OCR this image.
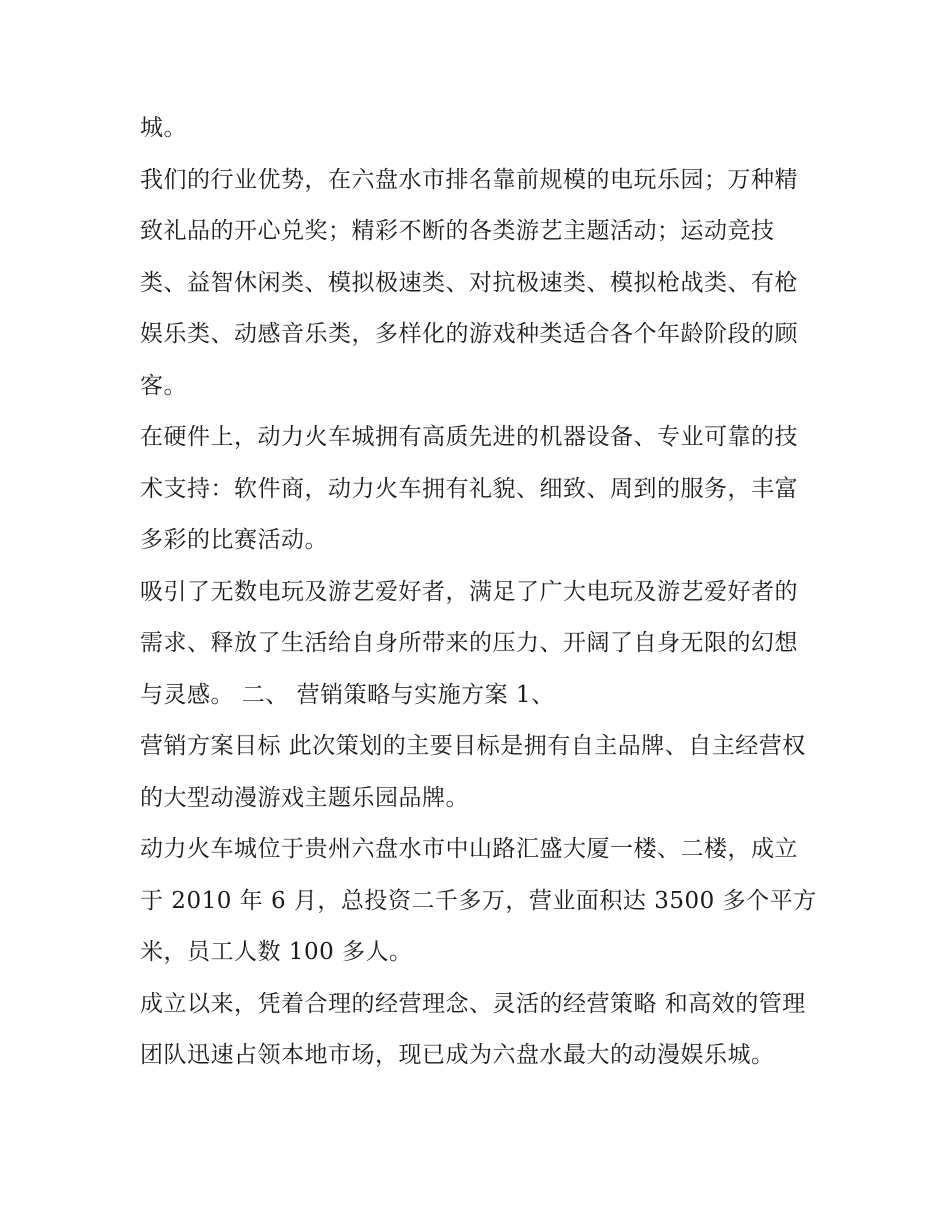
城。

我们的行业优势，在六盘水市排名靠前规模的电玩乐园；万种精致礼品的开心兑奖；精彩不断的各类游艺主题活动；运动竞技类、益智休闲类、模拟极速类、对抗极速类、模拟枪战类、有枪娱乐类、动感音乐类，多样化的游戏种类适合各个年龄阶段的顾客。

在硬件上，动力火车城拥有高质先进的机器设备、专业可靠的技术支持：软件商，动力火车拥有礼貌、细致、周到的服务，丰富多彩的比赛活动。

吸引了无数电玩及游艺爱好者，满足了广大电玩及游艺爱好者的需求、释放了生活给自身所带来的压力、开阔了自身无限的幻想与灵感。 二、 营销策略与实施方案 1、

营销方案目标 此次策划的主要目标是拥有自主品牌、自主经营权的大型动漫游戏主题乐园品牌。

动力火车城位于贵州六盘水市中山路汇盛大厦一楼、二楼，成立于 2010 年 6 月，总投资二千多万，营业面积达 3500 多个平方米，员工人数 100 多人。

成立以来，凭着合理的经营理念、灵活的经营策略 和高效的管理团队迅速占领本地市场，现已成为六盘水最大的动漫娱乐城。
